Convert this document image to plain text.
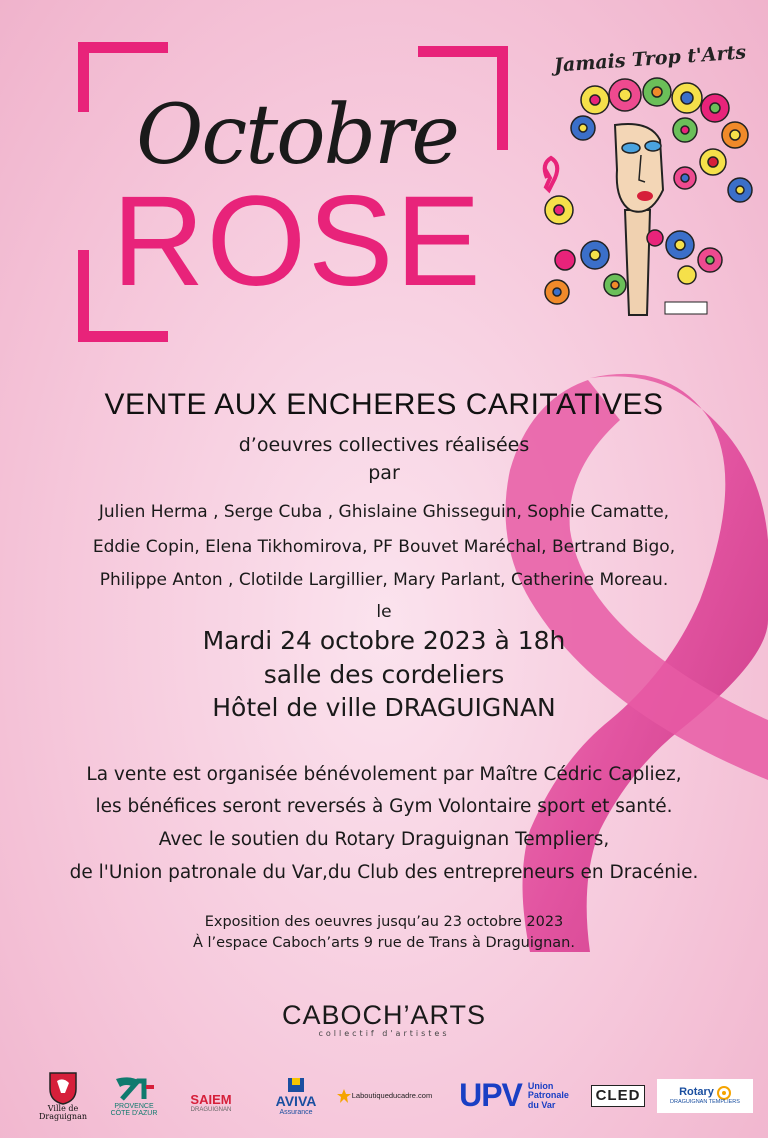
Octobre
ROSE
Jamais Trop t'Arts
VENTE AUX ENCHERES CARITATIVES
d’oeuvres collectives réalisées
par
Julien Herma , Serge Cuba , Ghislaine Ghisseguin, Sophie Camatte,
Eddie Copin, Elena Tikhomirova, PF Bouvet Maréchal, Bertrand Bigo,
Philippe Anton , Clotilde Largillier, Mary Parlant, Catherine Moreau.
le
Mardi 24 octobre 2023 à 18h
salle des cordeliers
Hôtel de ville DRAGUIGNAN
La vente est organisée bénévolement par Maître Cédric Capliez,
les bénéfices seront reversés à Gym Volontaire sport et santé.
Avec le soutien du Rotary Draguignan Templiers,
de l'Union patronale du Var,du Club des entrepreneurs en Dracénie.
Exposition des oeuvres jusqu’au 23 octobre 2023
À l’espace Caboch’arts 9 rue de Trans à Draguignan.
CABOCH’ARTS
collectif d'artistes
Ville de Draguignan
PROVENCE
CÔTE D'AZUR
SAIEM
DRAGUIGNAN
AVIVA
Assurance
Laboutiqueducadre.com UPV Union
Patronale
du Var
CLED	Rotary
DRAGUIGNAN TEMPLIERS
